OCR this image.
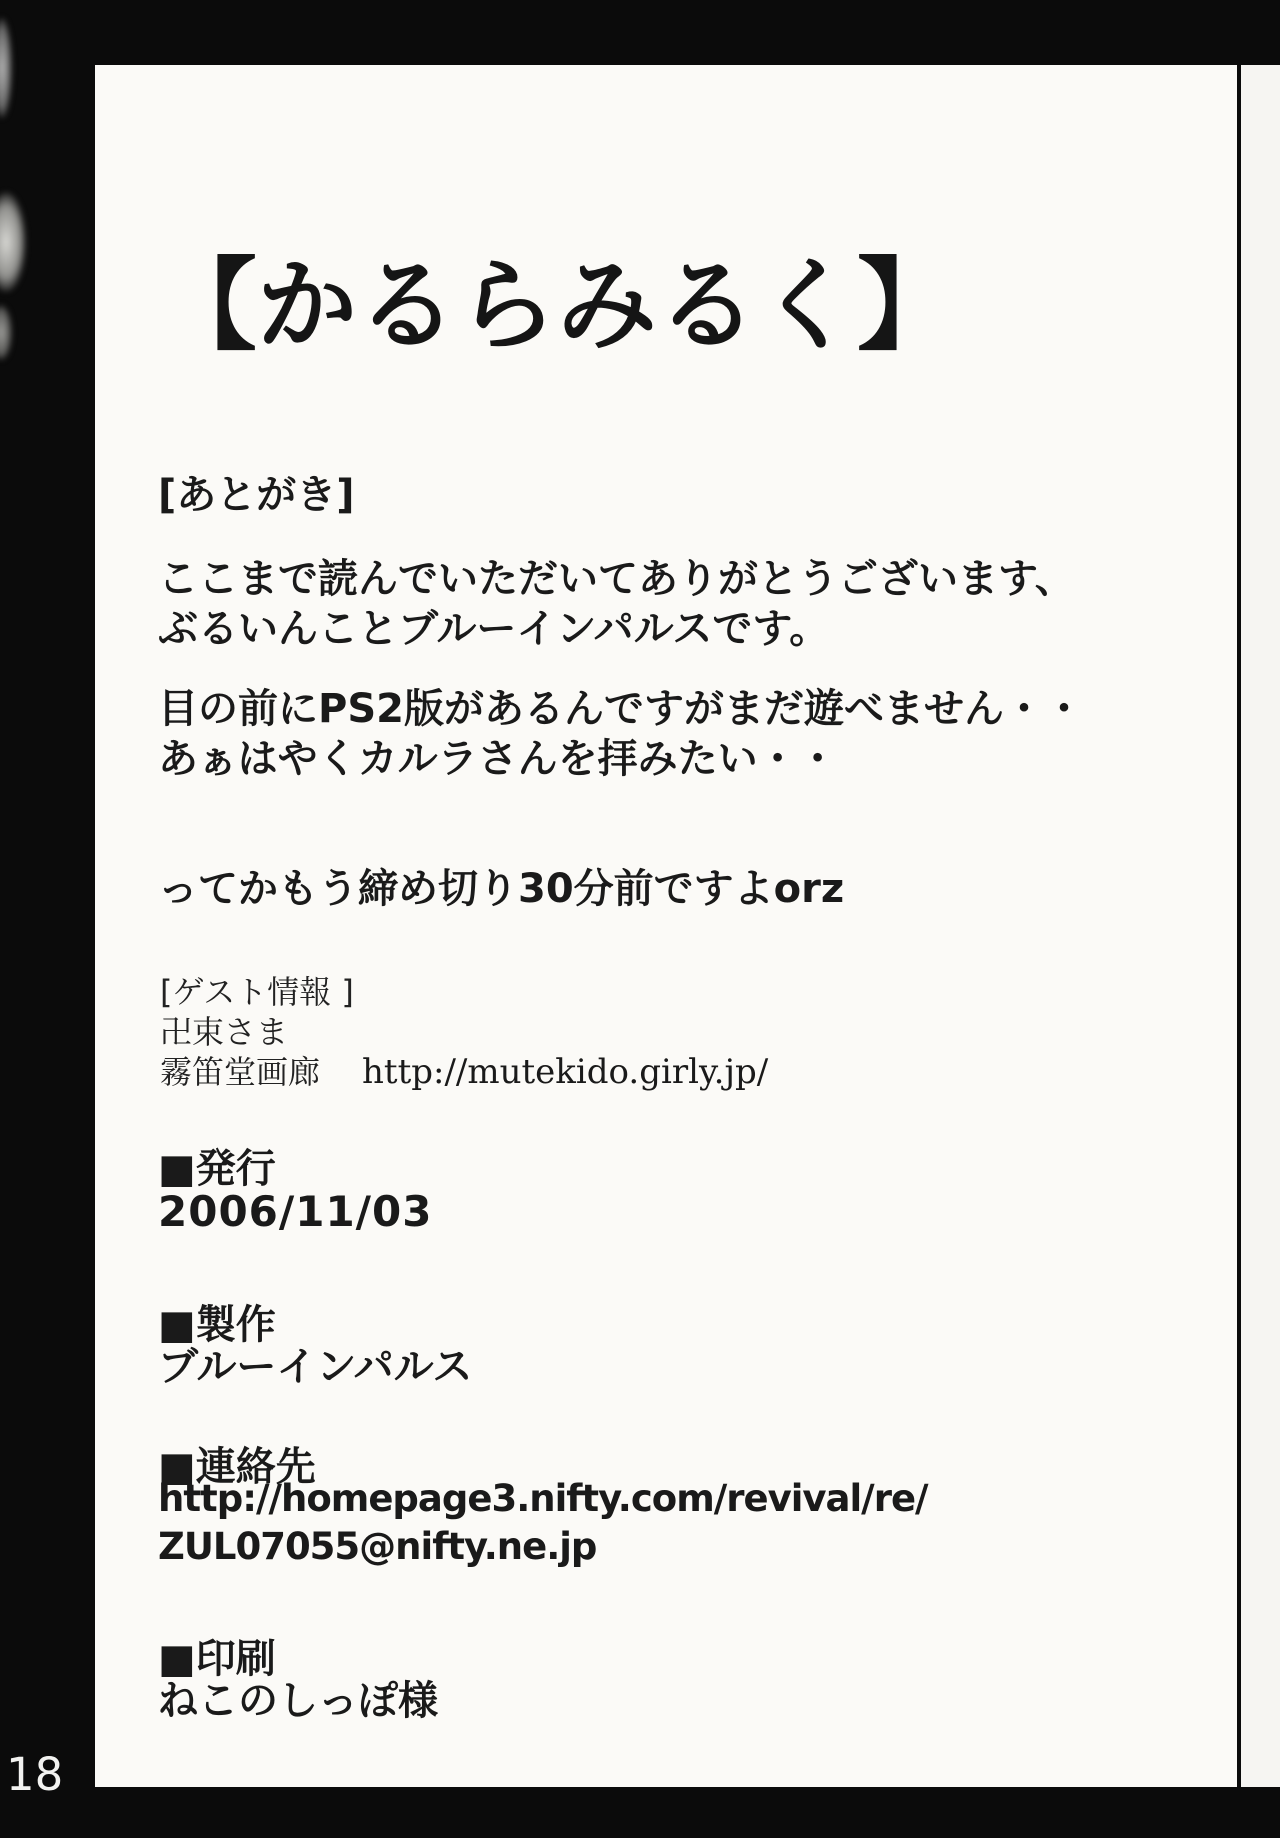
18
【かるらみるく】
[あとがき]
ここまで読んでいただいてありがとうございます、
ぶるいんことブルーインパルスです。
目の前にPS2版があるんですがまだ遊べません・・
あぁはやくカルラさんを拝みたい・・
ってかもう締め切り30分前ですよorz
[ゲスト情報 ]
卍束さま
霧笛堂画廊 http://mutekido.girly.jp/
■発行
2006/11/03
■製作
ブルーインパルス
■連絡先
http://homepage3.nifty.com/revival/re/
ZUL07055@nifty.ne.jp
■印刷
ねこのしっぽ様
